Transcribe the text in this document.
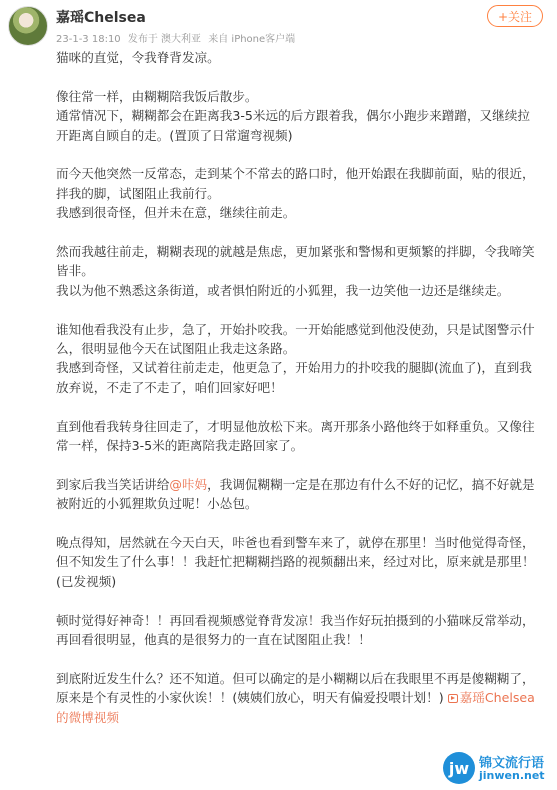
嘉瑶Chelsea
23-1-3 18:10 发布于 澳大利亚 来自 iPhone客户端
+关注
猫咪的直觉，令我脊背发凉。
像往常一样，由糊糊陪我饭后散步。
通常情况下，糊糊都会在距离我3-5米远的后方跟着我，偶尔小跑步来蹭蹭，又继续拉
开距离自顾自的走。(置顶了日常遛弯视频)
而今天他突然一反常态，走到某个不常去的路口时，他开始跟在我脚前面，贴的很近，
拌我的脚，试图阻止我前行。
我感到很奇怪，但并未在意，继续往前走。
然而我越往前走，糊糊表现的就越是焦虑，更加紧张和警惕和更频繁的拌脚，令我啼笑
皆非。
我以为他不熟悉这条街道，或者惧怕附近的小狐狸，我一边笑他一边还是继续走。
谁知他看我没有止步，急了，开始扑咬我。一开始能感觉到他没使劲，只是试图警示什
么，很明显他今天在试图阻止我走这条路。
我感到奇怪，又试着往前走走，他更急了，开始用力的扑咬我的腿脚(流血了)，直到我
放弃说，不走了不走了，咱们回家好吧！
直到他看我转身往回走了，才明显他放松下来。离开那条小路他终于如释重负。又像往
常一样，保持3-5米的距离陪我走路回家了。
到家后我当笑话讲给@咔妈，我调侃糊糊一定是在那边有什么不好的记忆，搞不好就是
被附近的小狐狸欺负过呢！小怂包。
晚点得知，居然就在今天白天，咔爸也看到警车来了，就停在那里！当时他觉得奇怪，
但不知发生了什么事！！我赶忙把糊糊挡路的视频翻出来，经过对比，原来就是那里！
(已发视频)
顿时觉得好神奇！！再回看视频感觉脊背发凉！我当作好玩拍摄到的小猫咪反常举动，
再回看很明显，他真的是很努力的一直在试图阻止我！！
到底附近发生什么？还不知道。但可以确定的是小糊糊以后在我眼里不再是傻糊糊了，
原来是个有灵性的小家伙诶！！(姨姨们放心，明天有偏爱投喂计划！) 嘉瑶Chelsea
的微博视频
jw 锦文流行语
jinwen.net
